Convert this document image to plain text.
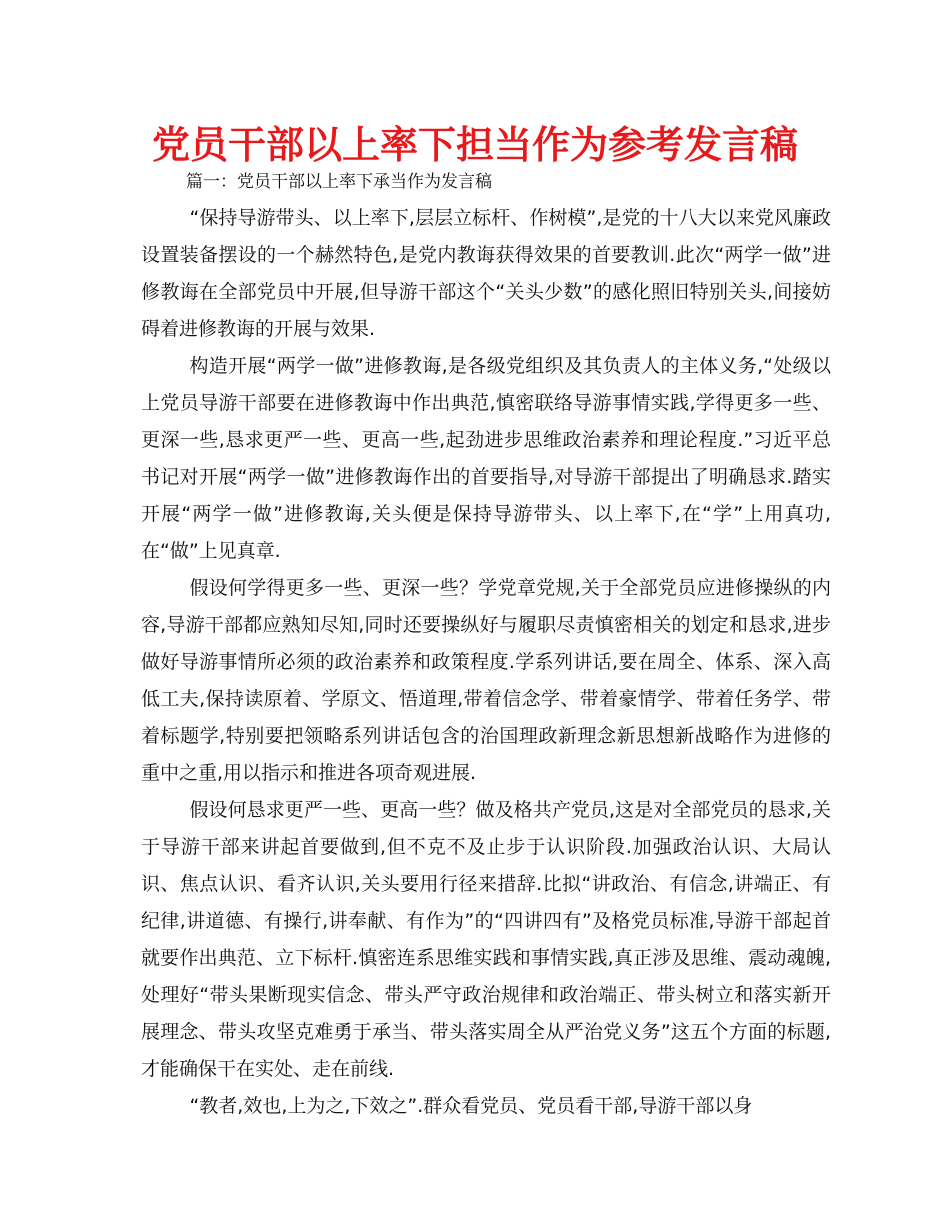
党员干部以上率下担当作为参考发言稿

篇一：党员干部以上率下承当作为发言稿

“保持导游带头、以上率下,层层立标杆、作树模”,是党的十八大以来党风廉政设置装备摆设的一个赫然特色,是党内教诲获得效果的首要教训.此次“两学一做”进修教诲在全部党员中开展,但导游干部这个“关头少数”的感化照旧特别关头,间接妨碍着进修教诲的开展与效果.

构造开展“两学一做”进修教诲,是各级党组织及其负责人的主体义务,“处级以上党员导游干部要在进修教诲中作出典范,慎密联络导游事情实践,学得更多一些、更深一些,恳求更严一些、更高一些,起劲进步思维政治素养和理论程度.”习近平总书记对开展“两学一做”进修教诲作出的首要指导,对导游干部提出了明确恳求.踏实开展“两学一做”进修教诲,关头便是保持导游带头、以上率下,在“学”上用真功,在“做”上见真章.

假设何学得更多一些、更深一些？学党章党规,关于全部党员应进修操纵的内容,导游干部都应熟知尽知,同时还要操纵好与履职尽责慎密相关的划定和恳求,进步做好导游事情所必须的政治素养和政策程度.学系列讲话,要在周全、体系、深入高低工夫,保持读原着、学原文、悟道理,带着信念学、带着豪情学、带着任务学、带着标题学,特别要把领略系列讲话包含的治国理政新理念新思想新战略作为进修的重中之重,用以指示和推进各项奇观进展.

假设何恳求更严一些、更高一些？做及格共产党员,这是对全部党员的恳求,关于导游干部来讲起首要做到,但不克不及止步于认识阶段.加强政治认识、大局认识、焦点认识、看齐认识,关头要用行径来措辞.比拟“讲政治、有信念,讲端正、有纪律,讲道德、有操行,讲奉献、有作为”的“四讲四有”及格党员标准,导游干部起首就要作出典范、立下标杆.慎密连系思维实践和事情实践,真正涉及思维、震动魂魄,处理好“带头果断现实信念、带头严守政治规律和政治端正、带头树立和落实新开展理念、带头攻坚克难勇于承当、带头落实周全从严治党义务”这五个方面的标题,才能确保干在实处、走在前线.

“教者,效也,上为之,下效之”.群众看党员、党员看干部,导游干部以身
